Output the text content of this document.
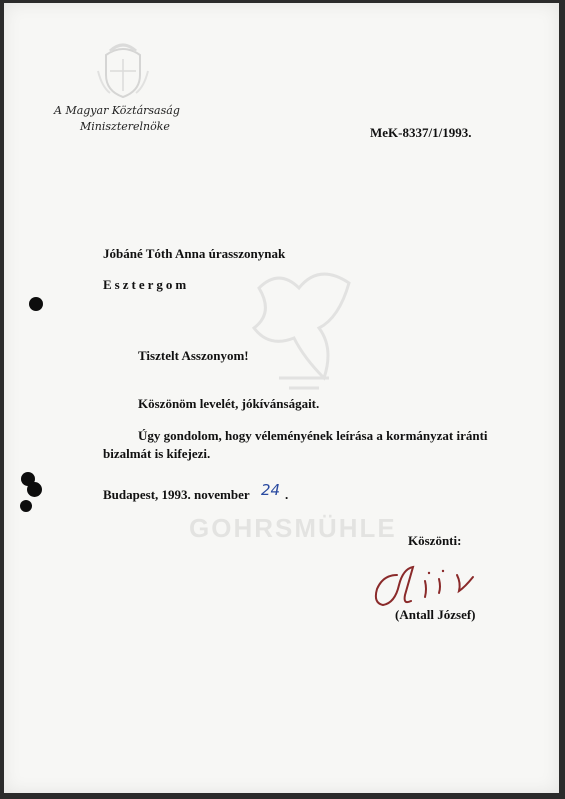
GOHRSMÜHLE
A Magyar Köztársaság
Miniszterelnöke	MeK-8337/1/1993.
Jóbáné Tóth Anna úrasszonynak
Esztergom
Tisztelt Asszonyom!
Köszönöm levelét, jókívánságait.
Úgy gondolom, hogy véleményének leírása a kormányzat iránti bizalmát is kifejezi.
Budapest, 1993. november 24 .
Köszönti:
(Antall József)
